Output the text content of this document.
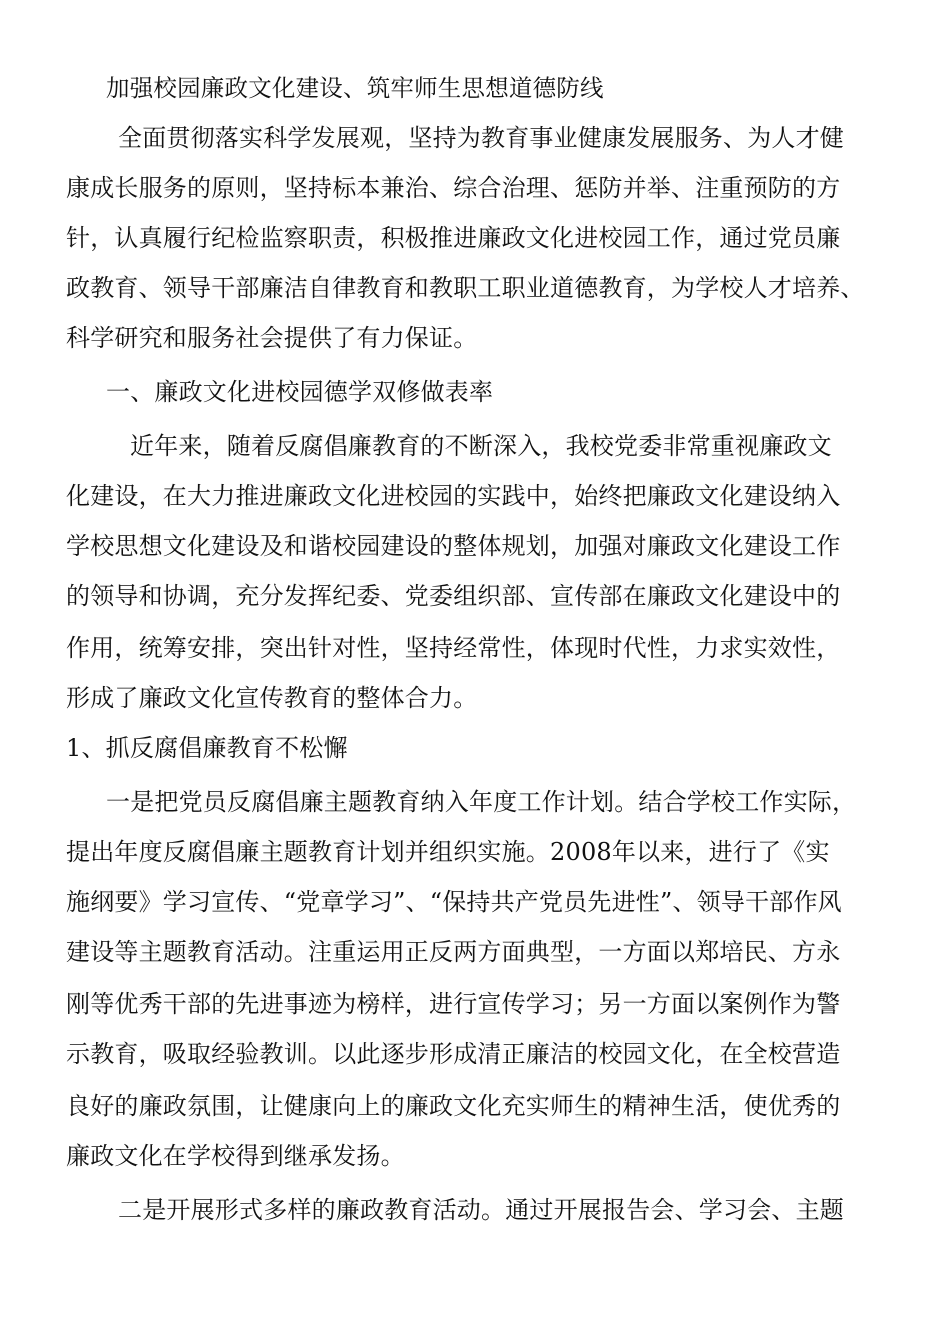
加强校园廉政文化建设、筑牢师生思想道德防线

全面贯彻落实科学发展观，坚持为教育事业健康发展服务、为人才健

康成长服务的原则，坚持标本兼治、综合治理、惩防并举、注重预防的方

针，认真履行纪检监察职责，积极推进廉政文化进校园工作，通过党员廉

政教育、领导干部廉洁自律教育和教职工职业道德教育，为学校人才培养、

科学研究和服务社会提供了有力保证。

一、廉政文化进校园德学双修做表率

近年来，随着反腐倡廉教育的不断深入，我校党委非常重视廉政文

化建设，在大力推进廉政文化进校园的实践中，始终把廉政文化建设纳入

学校思想文化建设及和谐校园建设的整体规划，加强对廉政文化建设工作

的领导和协调，充分发挥纪委、党委组织部、宣传部在廉政文化建设中的

作用，统筹安排，突出针对性，坚持经常性，体现时代性，力求实效性，

形成了廉政文化宣传教育的整体合力。

1、抓反腐倡廉教育不松懈

一是把党员反腐倡廉主题教育纳入年度工作计划。结合学校工作实际，

提出年度反腐倡廉主题教育计划并组织实施。2008年以来，进行了《实

施纲要》学习宣传、“党章学习”、“保持共产党员先进性”、领导干部作风

建设等主题教育活动。注重运用正反两方面典型，一方面以郑培民、方永

刚等优秀干部的先进事迹为榜样，进行宣传学习；另一方面以案例作为警

示教育，吸取经验教训。以此逐步形成清正廉洁的校园文化，在全校营造

良好的廉政氛围，让健康向上的廉政文化充实师生的精神生活，使优秀的

廉政文化在学校得到继承发扬。

二是开展形式多样的廉政教育活动。通过开展报告会、学习会、主题
